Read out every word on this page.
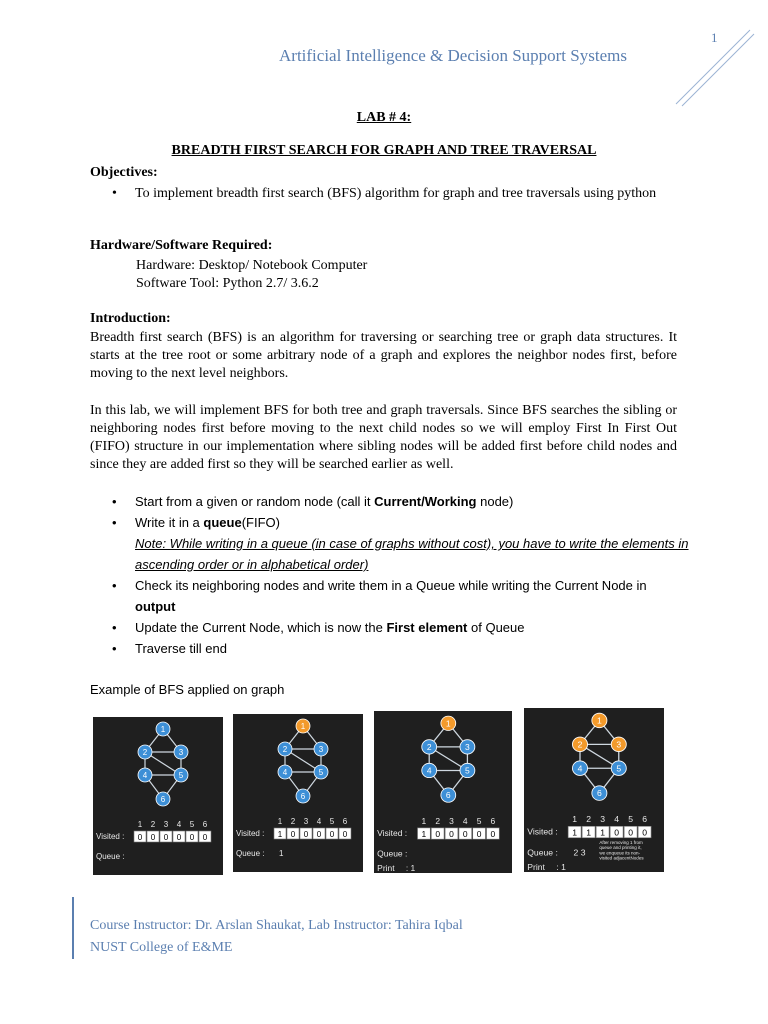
Artificial Intelligence & Decision Support Systems
1
LAB # 4:
BREADTH FIRST SEARCH FOR GRAPH AND TREE TRAVERSAL
Objectives:
• To implement breadth first search (BFS) algorithm for graph and tree traversals using python
Hardware/Software Required:
Hardware: Desktop/ Notebook Computer
Software Tool: Python 2.7/ 3.6.2
Introduction:
Breadth first search (BFS) is an algorithm for traversing or searching tree or graph data structures. It starts at the tree root or some arbitrary node of a graph and explores the neighbor nodes first, before moving to the next level neighbors.
In this lab, we will implement BFS for both tree and graph traversals. Since BFS searches the sibling or neighboring nodes first before moving to the next child nodes so we will employ First In First Out (FIFO) structure in our implementation where sibling nodes will be added first before child nodes and since they are added first so they will be searched earlier as well.
• Start from a given or random node (call it Current/Working node)
• Write it in a queue(FIFO)
Note: While writing in a queue (in case of graphs without cost), you have to write the elements in ascending order or in alphabetical order)
• Check its neighboring nodes and write them in a Queue while writing the Current Node in output
• Update the Current Node, which is now the First element of Queue
• Traverse till end
Example of BFS applied on graph
1
2	3
4	5
6
1 2 3 4 5 6
Visited : 0 0 0 0 0 0
Queue :
1
2	3
4	5
6
1 2 3 4 5 6
Visited : 1 0 0 0 0 0
Queue : 1
1
2	3
4	5
6
1 2 3 4 5 6
Visited : 1 0 0 0 0 0
Queue :
Print : 1
1
2	3
4	5
6
1 2 3 4 5 6
Visited : 1 1 1 0 0 0
Queue : 2 3
Print : 1
After removing 1 from
queue and printing it,
we enqueue its non-
visited adjacentNodes
Course Instructor: Dr. Arslan Shaukat, Lab Instructor: Tahira Iqbal
NUST College of E&ME
